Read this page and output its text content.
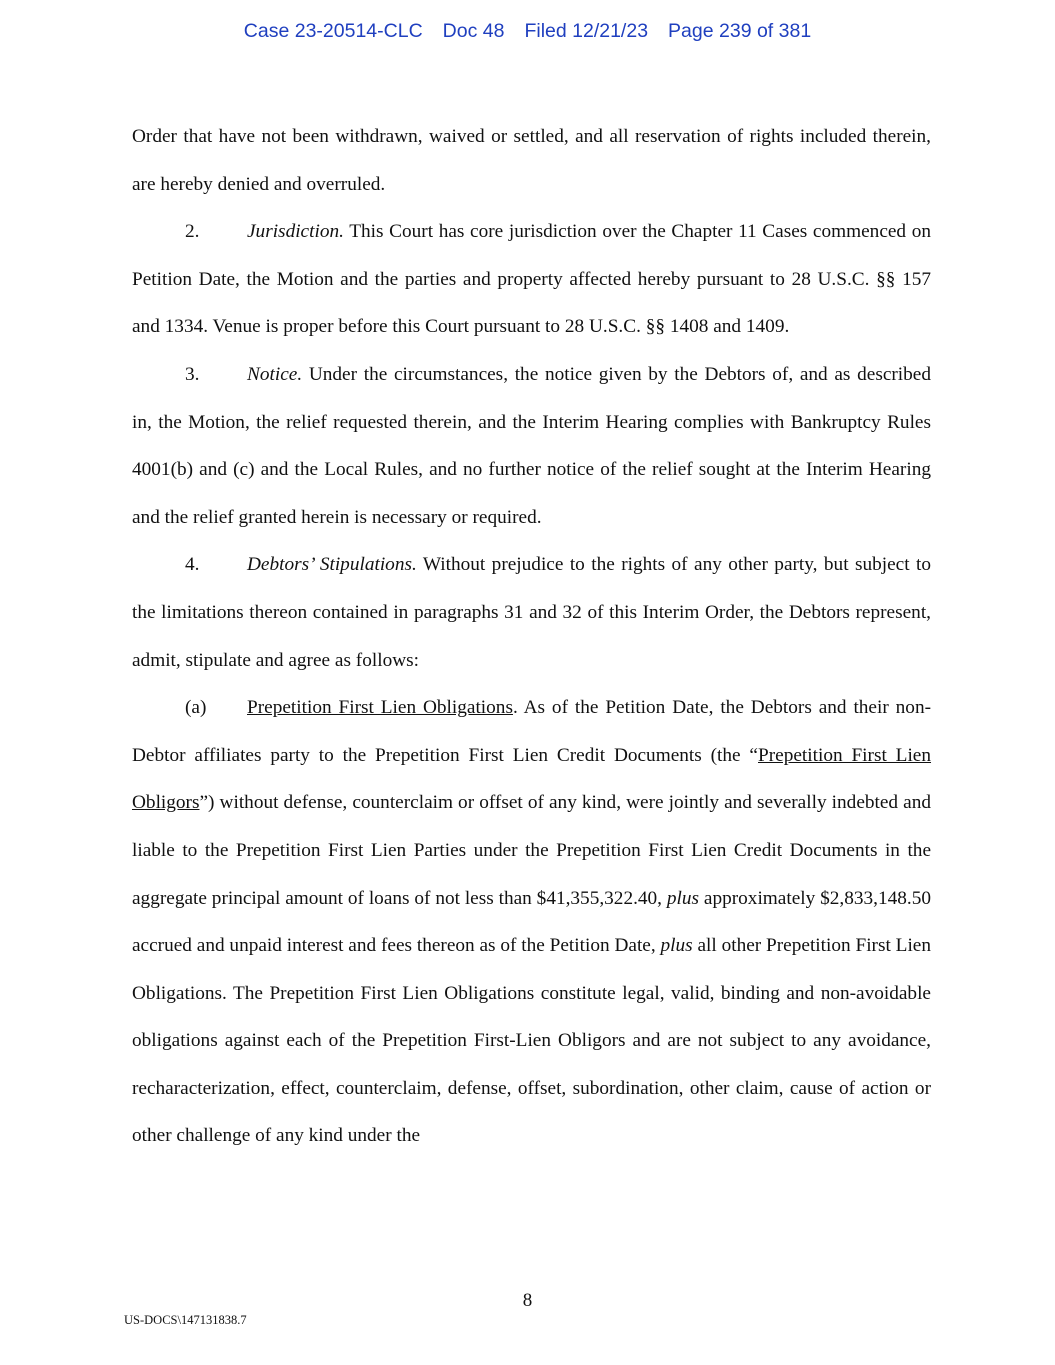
Case 23-20514-CLC Doc 48 Filed 12/21/23 Page 239 of 381

Order that have not been withdrawn, waived or settled, and all reservation of rights included therein, are hereby denied and overruled.

2. Jurisdiction. This Court has core jurisdiction over the Chapter 11 Cases commenced on Petition Date, the Motion and the parties and property affected hereby pursuant to 28 U.S.C. §§ 157 and 1334. Venue is proper before this Court pursuant to 28 U.S.C. §§ 1408 and 1409.

3. Notice. Under the circumstances, the notice given by the Debtors of, and as described in, the Motion, the relief requested therein, and the Interim Hearing complies with Bankruptcy Rules 4001(b) and (c) and the Local Rules, and no further notice of the relief sought at the Interim Hearing and the relief granted herein is necessary or required.

4. Debtors’ Stipulations. Without prejudice to the rights of any other party, but subject to the limitations thereon contained in paragraphs 31 and 32 of this Interim Order, the Debtors represent, admit, stipulate and agree as follows:

(a) Prepetition First Lien Obligations. As of the Petition Date, the Debtors and their non-Debtor affiliates party to the Prepetition First Lien Credit Documents (the “Prepetition First Lien Obligors”) without defense, counterclaim or offset of any kind, were jointly and severally indebted and liable to the Prepetition First Lien Parties under the Prepetition First Lien Credit Documents in the aggregate principal amount of loans of not less than $41,355,322.40, plus approximately $2,833,148.50 accrued and unpaid interest and fees thereon as of the Petition Date, plus all other Prepetition First Lien Obligations. The Prepetition First Lien Obligations constitute legal, valid, binding and non-avoidable obligations against each of the Prepetition First-Lien Obligors and are not subject to any avoidance, recharacterization, effect, counterclaim, defense, offset, subordination, other claim, cause of action or other challenge of any kind under the

8
US-DOCS\147131838.7
